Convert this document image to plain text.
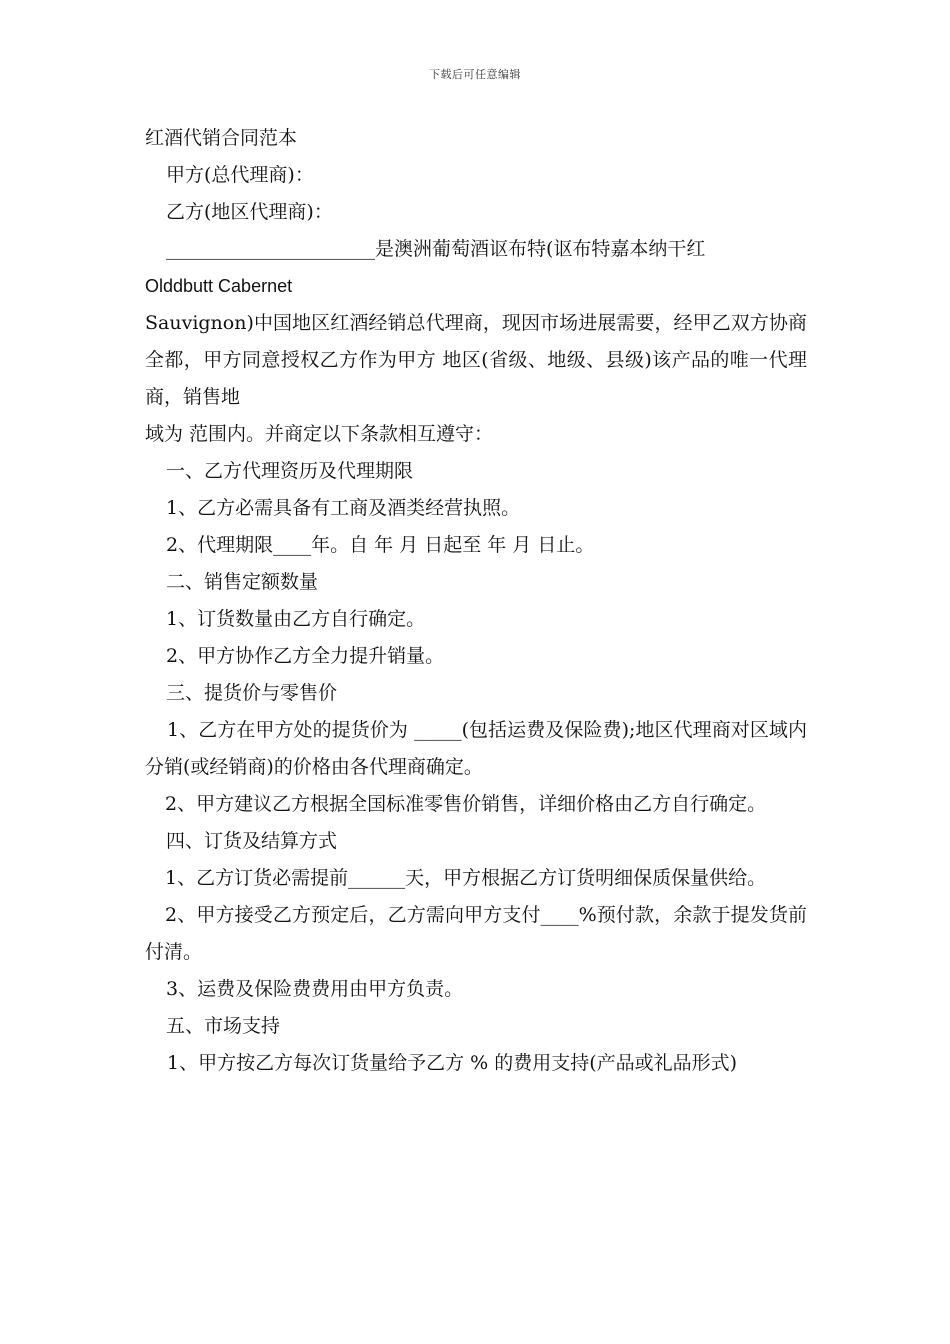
下载后可任意编辑
红酒代销合同范本
甲方(总代理商)：
乙方(地区代理商)：
______________________是澳洲葡萄酒讴布特(讴布特嘉本纳干红
Olddbutt Cabernet
Sauvignon)中国地区红酒经销总代理商，现因市场进展需要，经甲乙双方协商全都，甲方同意授权乙方作为甲方 地区(省级、地级、县级)该产品的唯一代理商，销售地
域为 范围内。并商定以下条款相互遵守：
一、乙方代理资历及代理期限
1、乙方必需具备有工商及酒类经营执照。
2、代理期限____年。自 年 月 日起至 年 月 日止。
二、销售定额数量
1、订货数量由乙方自行确定。
2、甲方协作乙方全力提升销量。
三、提货价与零售价
1、乙方在甲方处的提货价为 _____(包括运费及保险费);地区代理商对区域内分销(或经销商)的价格由各代理商确定。
2、甲方建议乙方根据全国标准零售价销售，详细价格由乙方自行确定。
四、订货及结算方式
1、乙方订货必需提前______天，甲方根据乙方订货明细保质保量供给。
2、甲方接受乙方预定后，乙方需向甲方支付____%预付款，余款于提发货前付清。
3、运费及保险费费用由甲方负责。
五、市场支持
1、甲方按乙方每次订货量给予乙方 % 的费用支持(产品或礼品形式)
